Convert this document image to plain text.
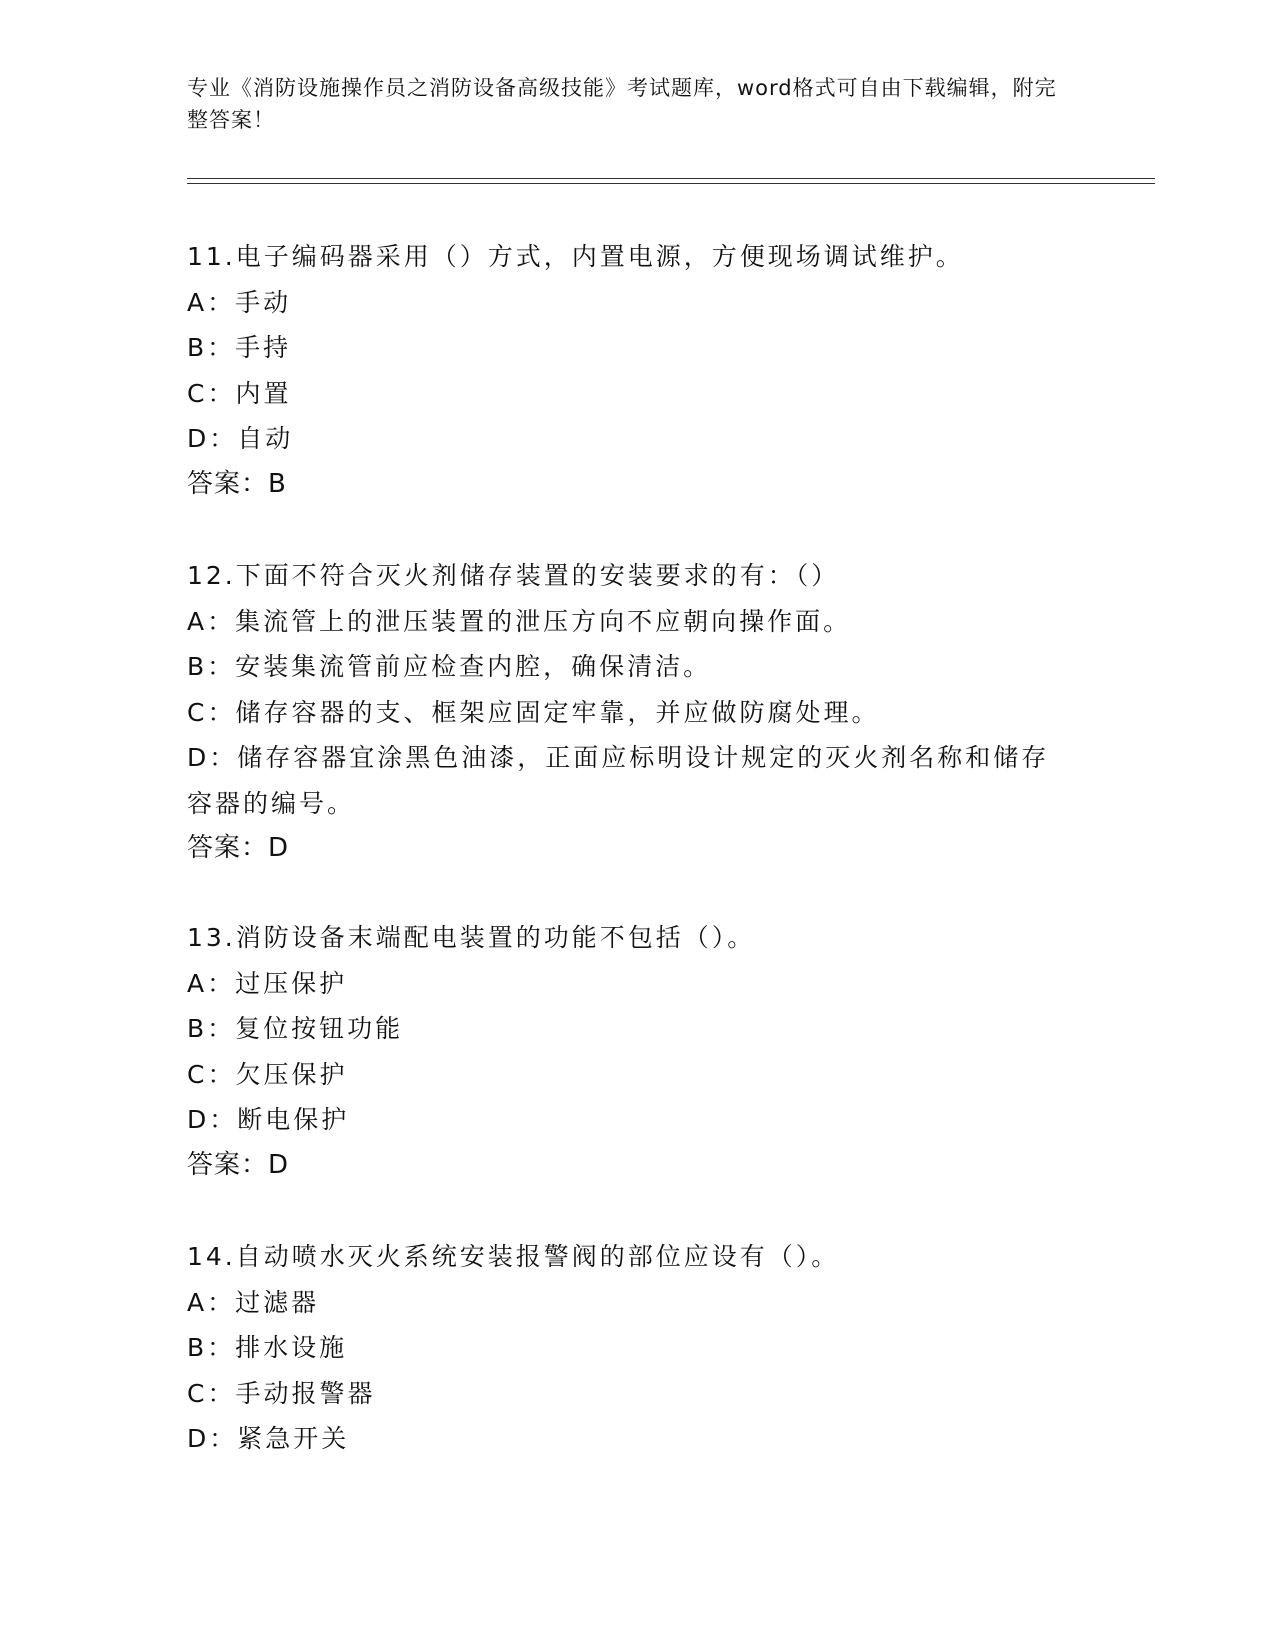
专业《消防设施操作员之消防设备高级技能》考试题库，word格式可自由下载编辑，附完整答案！
11.电子编码器采用（）方式，内置电源，方便现场调试维护。
A：手动
B：手持
C：内置
D：自动
答案：B
12.下面不符合灭火剂储存装置的安装要求的有：（）
A：集流管上的泄压装置的泄压方向不应朝向操作面。
B：安装集流管前应检查内腔，确保清洁。
C：储存容器的支、框架应固定牢靠，并应做防腐处理。
D：储存容器宜涂黑色油漆，正面应标明设计规定的灭火剂名称和储存容器的编号。
答案：D
13.消防设备末端配电装置的功能不包括（）。
A：过压保护
B：复位按钮功能
C：欠压保护
D：断电保护
答案：D
14.自动喷水灭火系统安装报警阀的部位应设有（）。
A：过滤器
B：排水设施
C：手动报警器
D：紧急开关
